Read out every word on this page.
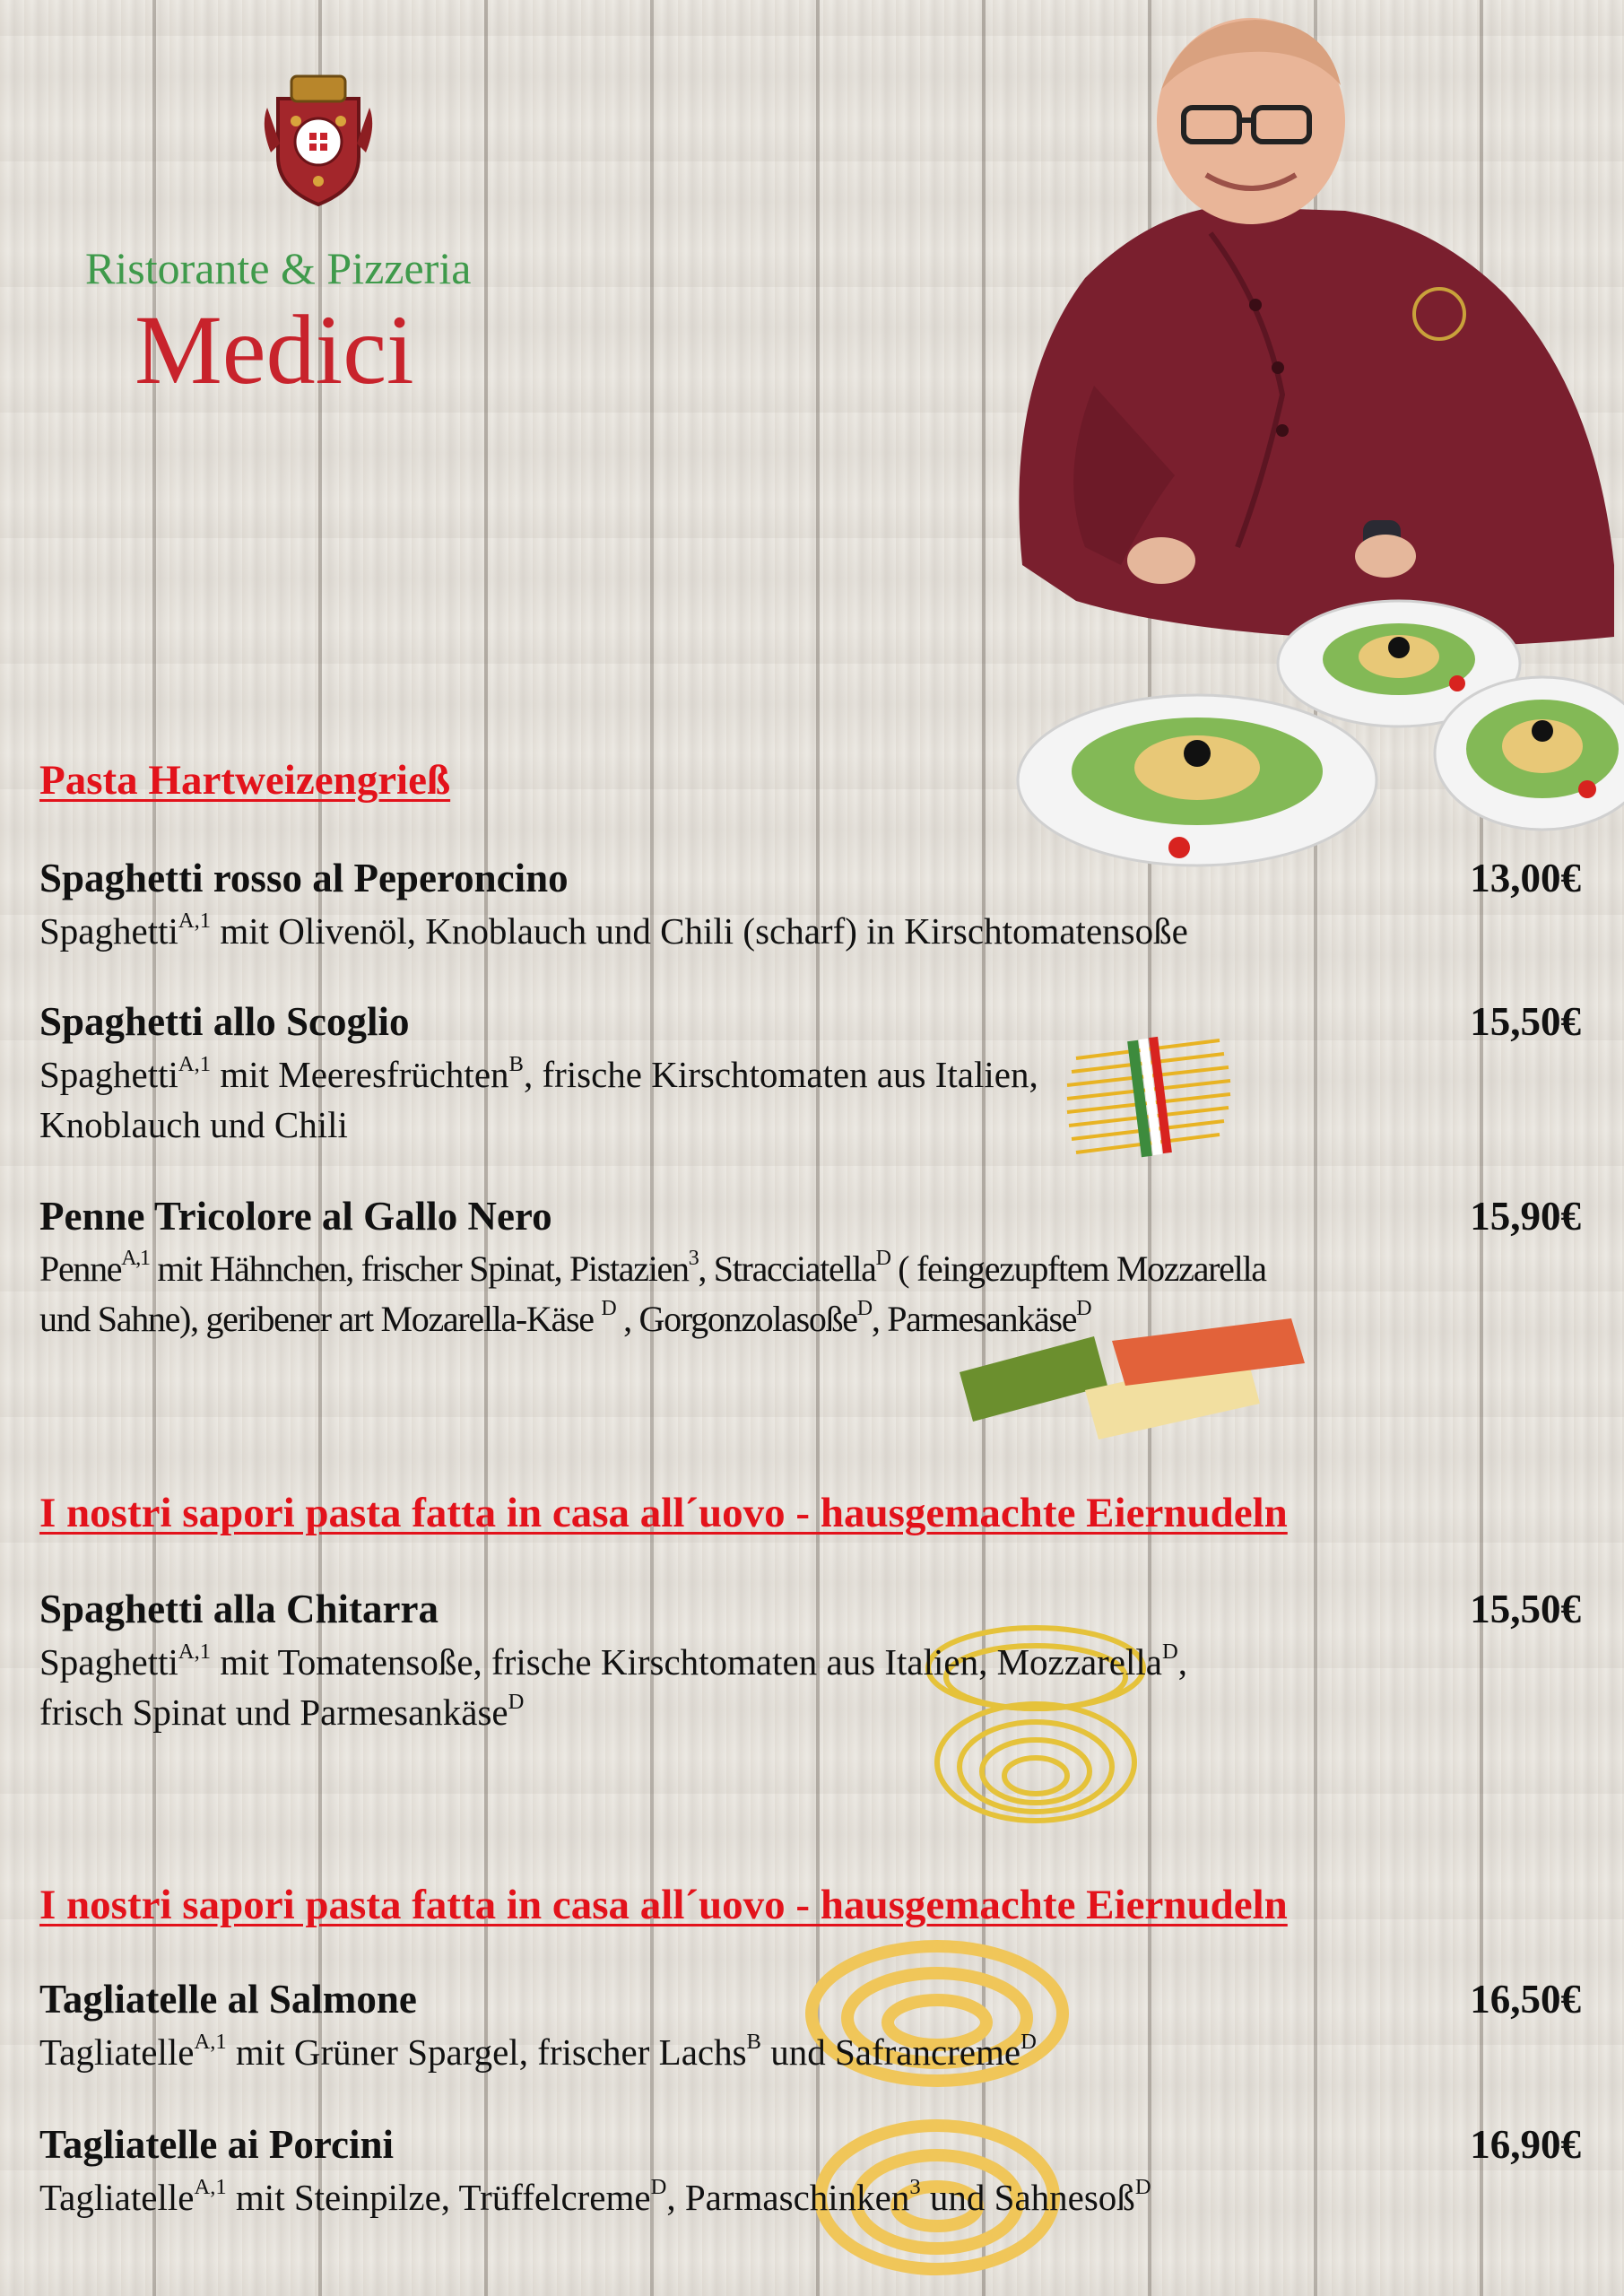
Ristorante & Pizzeria
Medici
Pasta Hartweizengrieß
Spaghetti rosso al Peperoncino	13,00€
Spaghetti$^{A,1}$ mit Olivenöl, Knoblauch und Chili (scharf) in Kirschtomatensoße
Spaghetti allo Scoglio	15,50€
Spaghetti$^{A,1}$ mit Meeresfrüchten$^B$, frische Kirschtomaten aus Italien,
Knoblauch und Chili
Penne Tricolore al Gallo Nero	15,90€
Penne$^{A,1}$ mit Hähnchen, frischer Spinat, Pistazien$^3$, Stracciatella$^D$ ( feingezupftem Mozzarella
und Sahne), geribener art Mozarella-Käse $^D$ , Gorgonzolasoße$^D$, Parmesankäse$^D$
I nostri sapori pasta fatta in casa all´uovo - hausgemachte Eiernudeln
Spaghetti alla Chitarra	15,50€
Spaghetti$^{A,1}$ mit Tomatensoße, frische Kirschtomaten aus Italien, Mozzarella$^D$,
frisch Spinat und Parmesankäse$^D$
I nostri sapori pasta fatta in casa all´uovo - hausgemachte Eiernudeln
Tagliatelle al Salmone	16,50€
Tagliatelle$^{A,1}$ mit Grüner Spargel, frischer Lachs$^B$ und Safrancreme$^D$
Tagliatelle ai Porcini	16,90€
Tagliatelle$^{A,1}$ mit Steinpilze, Trüffelcreme$^D$, Parmaschinken$^3$ und Sahnesoß$^D$
